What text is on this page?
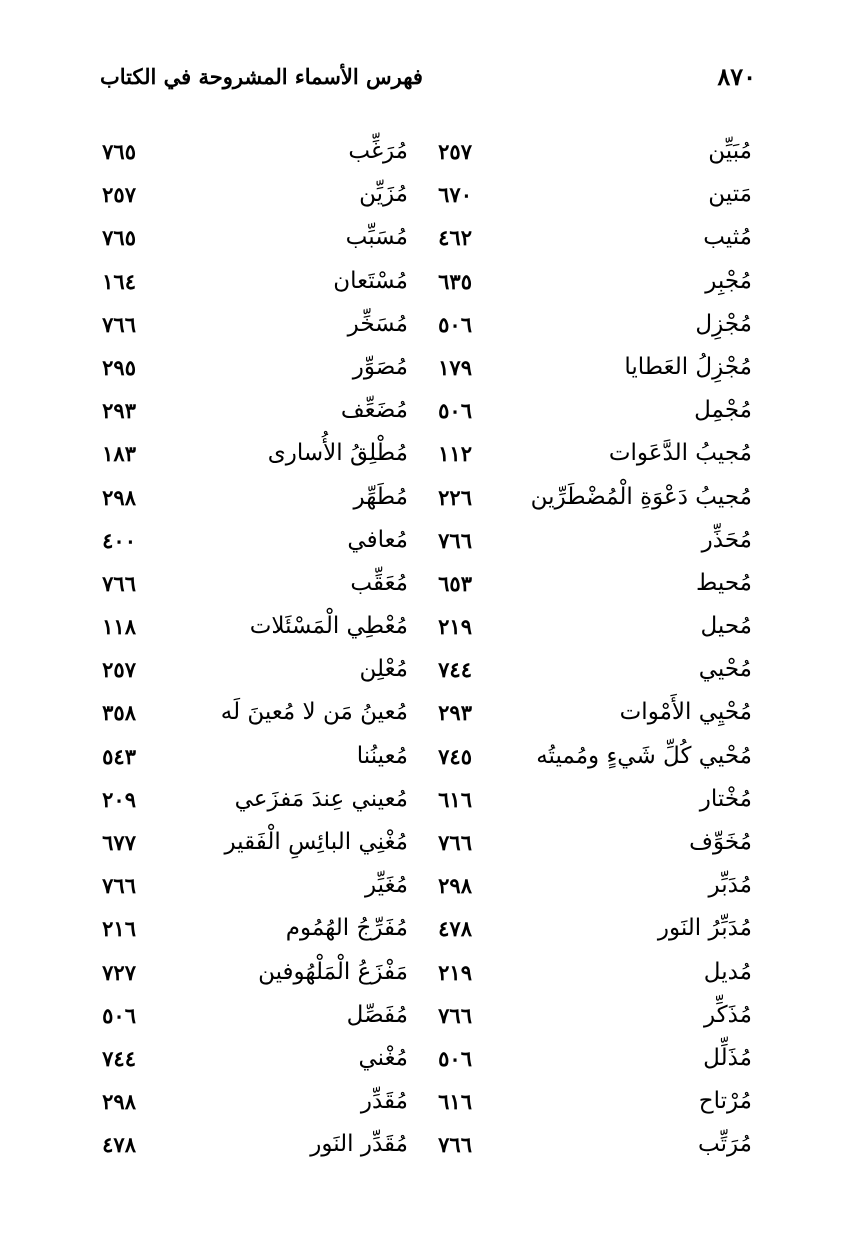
٨٧٠
فهرس الأسماء المشروحة في الكتاب
مُبَيِّن
٢٥٧
مُرَغِّب
٧٦٥
مَتين
٦٧٠
مُزَيِّن
٢٥٧
مُثيب
٤٦٢
مُسَبِّب
٧٦٥
مُجْبِر
٦٣٥
مُسْتَعان
١٦٤
مُجْزِل
٥٠٦
مُسَخِّر
٧٦٦
مُجْزِلُ العَطايا
١٧٩
مُصَوِّر
٢٩٥
مُجْمِل
٥٠٦
مُضَعِّف
٢٩٣
مُجيبُ الدَّعَوات
١١٢
مُطْلِقُ الأُسارى
١٨٣
مُجيبُ دَعْوَةِ الْمُضْطَرِّين
٢٢٦
مُطَهِّر
٢٩٨
مُحَذِّر
٧٦٦
مُعافي
٤٠٠
مُحيط
٦٥٣
مُعَقِّب
٧٦٦
مُحيل
٢١٩
مُعْطِي الْمَسْئَلات
١١٨
مُحْيي
٧٤٤
مُعْلِن
٢٥٧
مُحْيِي الأَمْوات
٢٩٣
مُعينُ مَن لا مُعينَ لَه
٣٥٨
مُحْيي كُلِّ شَيءٍ ومُميتُه
٧٤٥
مُعينُنا
٥٤٣
مُخْتار
٦١٦
مُعيني عِندَ مَفزَعي
٢٠٩
مُخَوِّف
٧٦٦
مُغْنِي البائِسِ الْفَقير
٦٧٧
مُدَبِّر
٢٩٨
مُغَيِّر
٧٦٦
مُدَبِّرُ النَور
٤٧٨
مُفَرِّجُ الهُمُوم
٢١٦
مُديل
٢١٩
مَفْزَعُ الْمَلْهُوفين
٧٢٧
مُذَكِّر
٧٦٦
مُفَصِّل
٥٠٦
مُذَلِّل
٥٠٦
مُغْني
٧٤٤
مُرْتاح
٦١٦
مُقَدِّر
٢٩٨
مُرَتِّب
٧٦٦
مُقَدِّر النَور
٤٧٨
